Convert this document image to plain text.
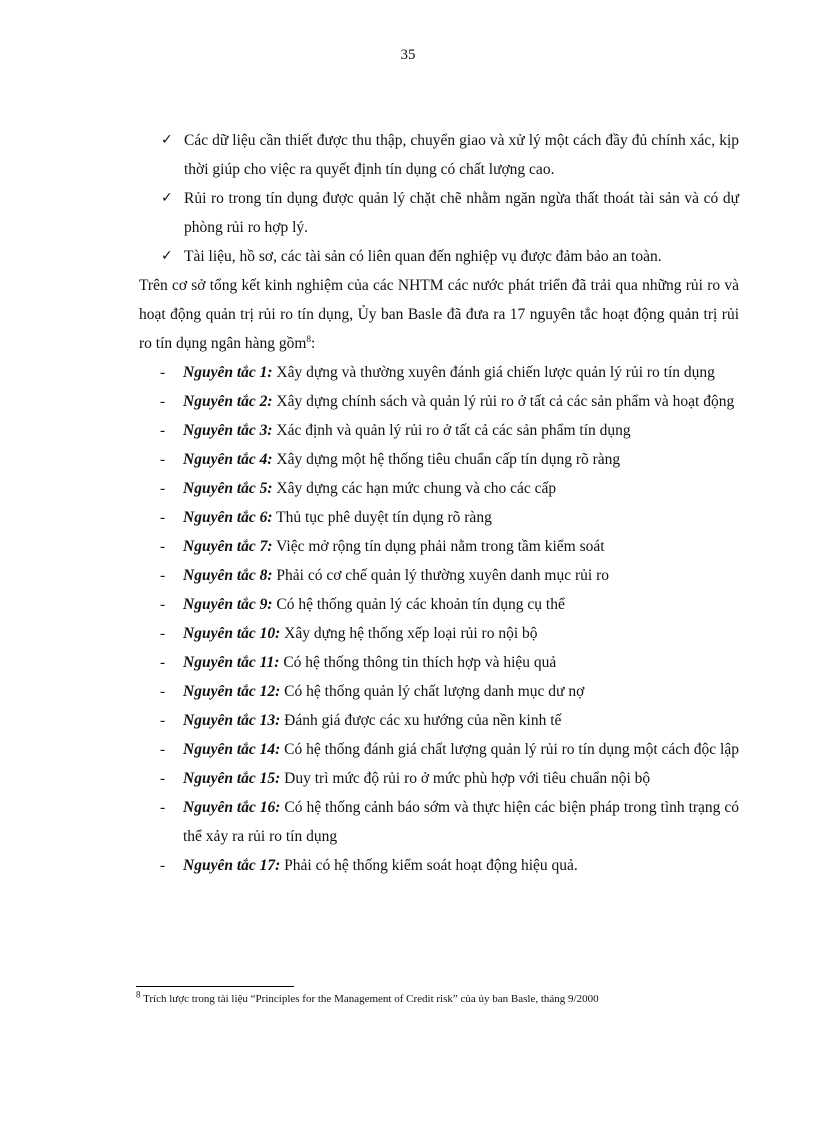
35
✓ Các dữ liệu cần thiết được thu thập, chuyển giao và xử lý một cách đầy đủ chính xác, kịp thời giúp cho việc ra quyết định tín dụng có chất lượng cao.
✓ Rủi ro trong tín dụng được quản lý chặt chẽ nhằm ngăn ngừa thất thoát tài sản và có dự phòng rủi ro hợp lý.
✓ Tài liệu, hồ sơ, các tài sản có liên quan đến nghiệp vụ được đảm bảo an toàn.

Trên cơ sở tổng kết kinh nghiệm của các NHTM các nước phát triển đã trải qua những rủi ro và hoạt động quản trị rủi ro tín dụng, Ủy ban Basle đã đưa ra 17 nguyên tắc hoạt động quản trị rủi ro tín dụng ngân hàng gồm$^8$:

- Nguyên tắc 1: Xây dựng và thường xuyên đánh giá chiến lược quản lý rủi ro tín dụng
- Nguyên tắc 2: Xây dựng chính sách và quản lý rủi ro ở tất cả các sản phẩm và hoạt động
- Nguyên tắc 3: Xác định và quản lý rủi ro ở tất cả các sản phẩm tín dụng
- Nguyên tắc 4: Xây dựng một hệ thống tiêu chuẩn cấp tín dụng rõ ràng
- Nguyên tắc 5: Xây dựng các hạn mức chung và cho các cấp
- Nguyên tắc 6: Thủ tục phê duyệt tín dụng rõ ràng
- Nguyên tắc 7: Việc mở rộng tín dụng phải nằm trong tầm kiểm soát
- Nguyên tắc 8: Phải có cơ chế quản lý thường xuyên danh mục rủi ro
- Nguyên tắc 9: Có hệ thống quản lý các khoản tín dụng cụ thể
- Nguyên tắc 10: Xây dựng hệ thống xếp loại rủi ro nội bộ
- Nguyên tắc 11: Có hệ thống thông tin thích hợp và hiệu quả
- Nguyên tắc 12: Có hệ thống quản lý chất lượng danh mục dư nợ
- Nguyên tắc 13: Đánh giá được các xu hướng của nền kinh tế
- Nguyên tắc 14: Có hệ thống đánh giá chất lượng quản lý rủi ro tín dụng một cách độc lập
- Nguyên tắc 15: Duy trì mức độ rủi ro ở mức phù hợp với tiêu chuẩn nội bộ
- Nguyên tắc 16: Có hệ thống cảnh báo sớm và thực hiện các biện pháp trong tình trạng có thể xảy ra rủi ro tín dụng
- Nguyên tắc 17: Phải có hệ thống kiểm soát hoạt động hiệu quả.
$^8$ Trích lược trong tài liệu “Principles for the Management of Credit risk” của ủy ban Basle, tháng 9/2000
